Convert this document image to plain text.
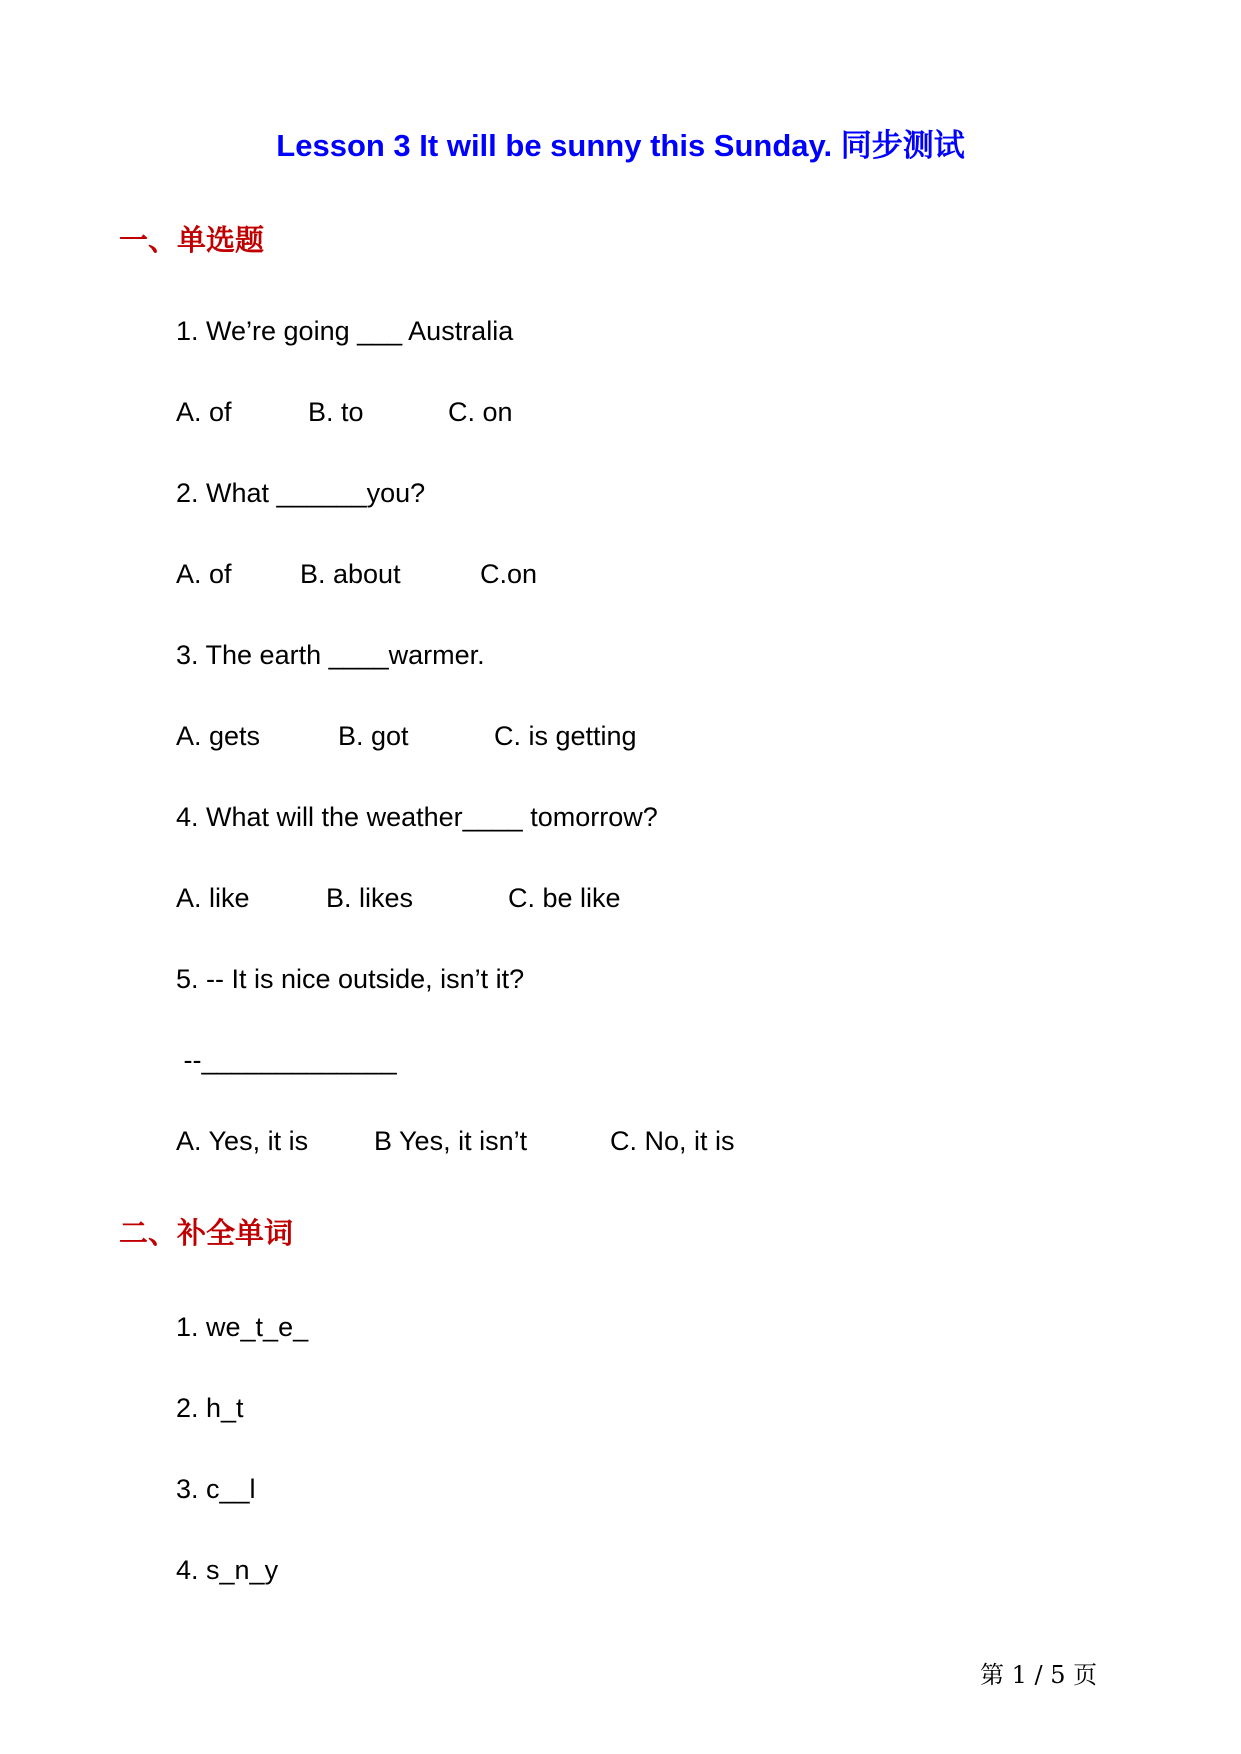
Lesson 3 It will be sunny this Sunday. 同步测试
一、单选题
1. We’re going ___ Australia
A. of	B. to	C. on
2. What ______you?
A. of	B. about	C.on
3. The earth ____warmer.
A. gets	B. got	C. is getting
4. What will the weather____ tomorrow?
A. like	B. likes	C. be like
5. -- It is nice outside, isn’t it?
--_____________
A. Yes, it is B Yes, it isn’t	C. No, it is
二、补全单词
1. we_t_e_
2. h_t
3. c__l
4. s_n_y
第 1 / 5 页
